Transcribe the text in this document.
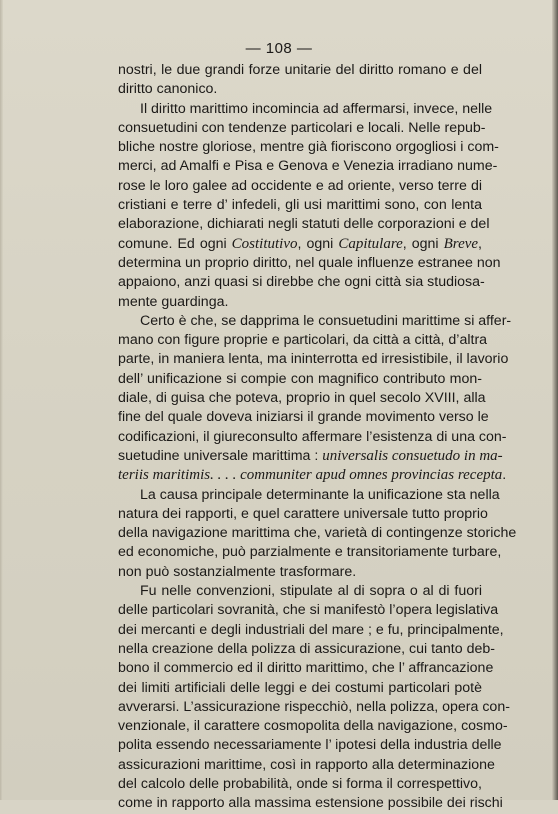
— 108 —
nostri, le due grandi forze unitarie del diritto romano e del
diritto canonico.
Il diritto marittimo incomincia ad affermarsi, invece, nelle
consuetudini con tendenze particolari e locali. Nelle repub-
bliche nostre gloriose, mentre già fioriscono orgogliosi i com-
merci, ad Amalfi e Pisa e Genova e Venezia irradiano nume-
rose le loro galee ad occidente e ad oriente, verso terre di
cristiani e terre d’ infedeli, gli usi marittimi sono, con lenta
elaborazione, dichiarati negli statuti delle corporazioni e del
comune. Ed ogni Costitutivo, ogni Capitulare, ogni Breve,
determina un proprio diritto, nel quale influenze estranee non
appaiono, anzi quasi si direbbe che ogni città sia studiosa-
mente guardinga.
Certo è che, se dapprima le consuetudini marittime si affer-
mano con figure proprie e particolari, da città a città, d’altra
parte, in maniera lenta, ma ininterrotta ed irresistibile, il lavorio
dell’ unificazione si compie con magnifico contributo mon-
diale, di guisa che poteva, proprio in quel secolo XVIII, alla
fine del quale doveva iniziarsi il grande movimento verso le
codificazioni, il giureconsulto affermare l’esistenza di una con-
suetudine universale marittima : universalis consuetudo in ma-
teriis maritimis. . . . communiter apud omnes provincias recepta.
La causa principale determinante la unificazione sta nella
natura dei rapporti, e quel carattere universale tutto proprio
della navigazione marittima che, varietà di contingenze storiche
ed economiche, può parzialmente e transitoriamente turbare,
non può sostanzialmente trasformare.
Fu nelle convenzioni, stipulate al di sopra o al di fuori
delle particolari sovranità, che si manifestò l’opera legislativa
dei mercanti e degli industriali del mare ; e fu, principalmente,
nella creazione della polizza di assicurazione, cui tanto deb-
bono il commercio ed il diritto marittimo, che l’ affrancazione
dei limiti artificiali delle leggi e dei costumi particolari potè
avverarsi. L’assicurazione rispecchiò, nella polizza, opera con-
venzionale, il carattere cosmopolita della navigazione, cosmo-
polita essendo necessariamente l’ ipotesi della industria delle
assicurazioni marittime, così in rapporto alla determinazione
del calcolo delle probabilità, onde si forma il correspettivo,
come in rapporto alla massima estensione possibile dei rischi
